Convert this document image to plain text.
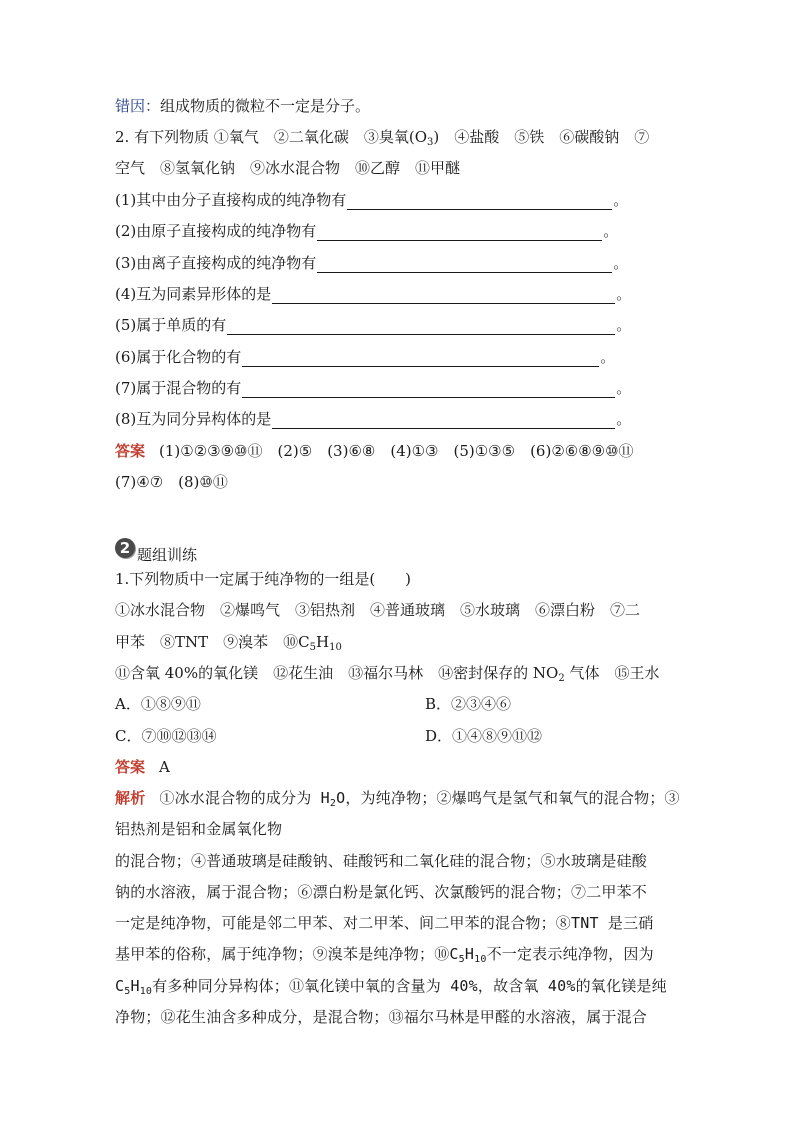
错因：组成物质的微粒不一定是分子。
2. 有下列物质 ①氧气　②二氧化碳　③臭氧$(O_3)$　④盐酸　⑤铁　⑥碳酸钠　⑦
空气　⑧氢氧化钠　⑨冰水混合物　⑩乙醇　⑪甲醚
(1)其中由分子直接构成的纯净物有	。
(2)由原子直接构成的纯净物有	。
(3)由离子直接构成的纯净物有	。
(4)互为同素异形体的是	。
(5)属于单质的有	。
(6)属于化合物的有	。
(7)属于混合物的有	。
(8)互为同分异构体的是	。
答案 (1)①②③⑨⑩⑪　(2)⑤　(3)⑥⑧　(4)①③　(5)①③⑤　(6)②⑥⑧⑨⑩⑪
(7)④⑦　(8)⑩⑪
2 题组训练
1.下列物质中一定属于纯净物的一组是(　　)
①冰水混合物　②爆鸣气　③铝热剂　④普通玻璃　⑤水玻璃　⑥漂白粉　⑦二
甲苯　⑧TNT　⑨溴苯　$⑩C_5H_{10}$
⑪含氧 40%的氧化镁　⑫花生油　⑬福尔马林　⑭密封保存的 $NO_2$ 气体　⑮王水
A．①⑧⑨⑪	B．②③④⑥
C．⑦⑩⑫⑬⑭	D．①④⑧⑨⑪⑫
答案 A
解析 ①冰水混合物的成分为 $H_2O$，为纯净物；②爆鸣气是氢气和氧气的混合物；③
铝热剂是铝和金属氧化物
的混合物；④普通玻璃是硅酸钠、硅酸钙和二氧化硅的混合物；⑤水玻璃是硅酸
钠的水溶液，属于混合物；⑥漂白粉是氯化钙、次氯酸钙的混合物；⑦二甲苯不
一定是纯净物，可能是邻二甲苯、对二甲苯、间二甲苯的混合物；⑧TNT 是三硝
基甲苯的俗称，属于纯净物；⑨溴苯是纯净物；$⑩C_5H_{10}$不一定表示纯净物，因为
$C_5H_{10}$有多种同分异构体；⑪氧化镁中氧的含量为 40%，故含氧 40%的氧化镁是纯
净物；⑫花生油含多种成分，是混合物；⑬福尔马林是甲醛的水溶液，属于混合
